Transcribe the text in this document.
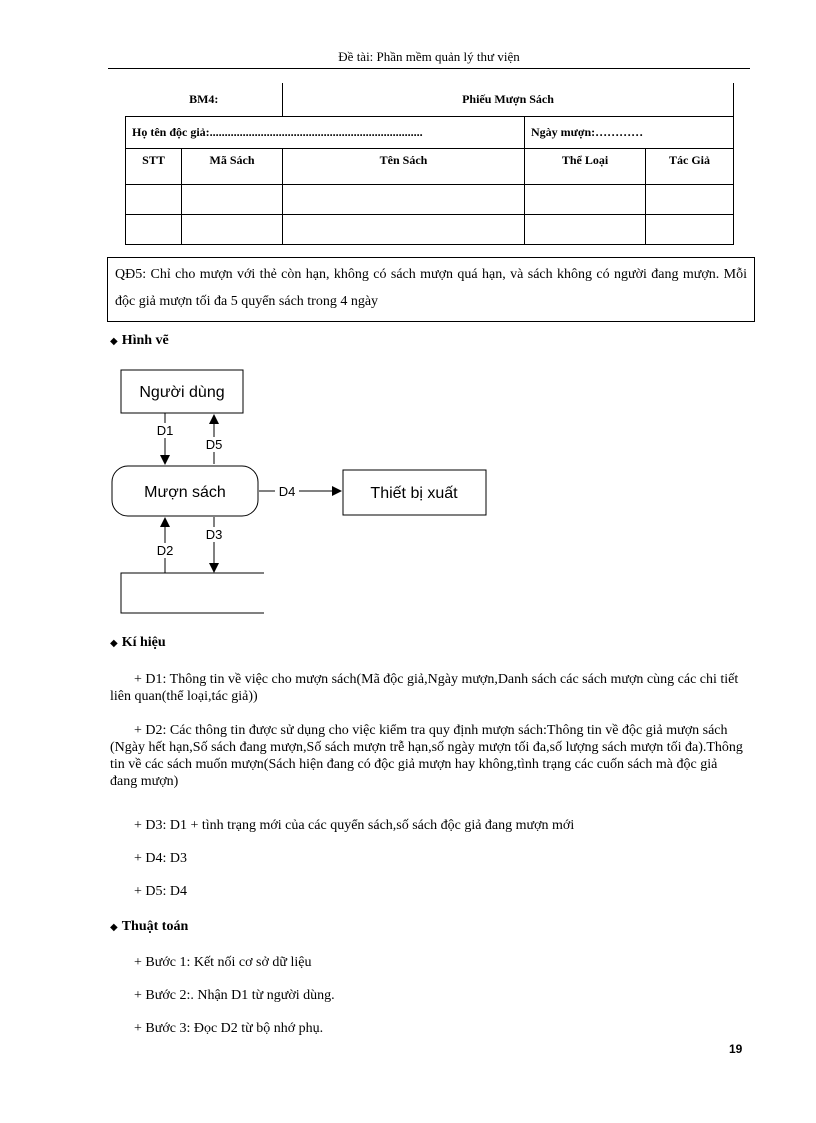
Đề tài: Phần mềm quản lý thư viện
BM4:		Phiếu Mượn Sách		
Họ tên độc giả:.......................................................................			Ngày mượn:…………	
STT	Mã Sách	Tên Sách	Thể Loại	Tác Giả

QĐ5: Chỉ cho mượn với thẻ còn hạn, không có sách mượn quá hạn, và sách không có người đang mượn. Mỗi độc giả mượn tối đa 5 quyển sách trong 4 ngày
◆ Hình vẽ
Người dùng
Mượn sách	Thiết bị xuất
D1
D5
D4
D2
D3
◆ Kí hiệu
+ D1: Thông tin về việc cho mượn sách(Mã độc giả,Ngày mượn,Danh sách các sách mượn cùng các chi tiết liên quan(thể loại,tác giả))
+ D2: Các thông tin được sử dụng cho việc kiểm tra quy định mượn sách:Thông tin về độc giả mượn sách (Ngày hết hạn,Số sách đang mượn,Số sách mượn trễ hạn,số ngày mượn tối đa,số lượng sách mượn tối đa).Thông tin về các sách muốn mượn(Sách hiện đang có độc giả mượn hay không,tình trạng các cuốn sách mà độc giả đang mượn)
+ D3: D1 + tình trạng mới của các quyển sách,số sách độc giả đang mượn mới
+ D4: D3
+ D5: D4
◆ Thuật toán
+ Bước 1: Kết nối cơ sở dữ liệu
+ Bước 2:. Nhận D1 từ người dùng.
+ Bước 3: Đọc D2 từ bộ nhớ phụ.
19
